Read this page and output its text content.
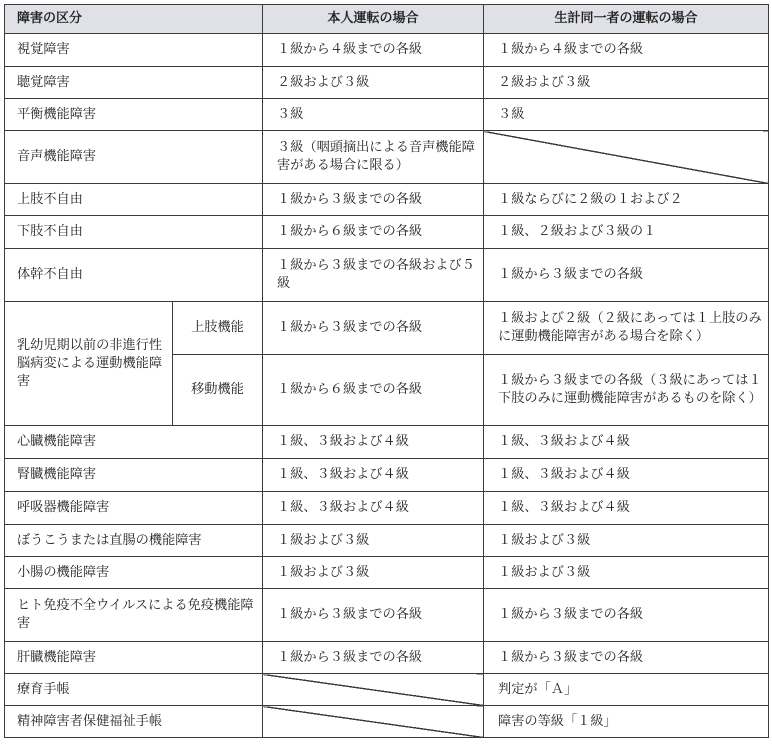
障害の区分		本人運転の場合	生計同一者の運転の場合
視覚障害		１級から４級までの各級	１級から４級までの各級
聴覚障害		２級および３級	２級および３級
平衡機能障害		３級	３級
音声機能障害		３級（咽頭摘出による音声機能障害がある場合に限る）	
上肢不自由		１級から３級までの各級	１級ならびに２級の１および２
下肢不自由		１級から６級までの各級	１級、２級および３級の１
体幹不自由		１級から３級までの各級および５級	１級から３級までの各級
乳幼児期以前の非進行性脳病変による運動機能障害	上肢機能	１級から３級までの各級	１級および２級（２級にあっては１上肢のみに運動機能障害がある場合を除く）
	移動機能	１級から６級までの各級	１級から３級までの各級（３級にあっては１下肢のみに運動機能障害があるものを除く）
心臓機能障害		１級、３級および４級	１級、３級および４級
腎臓機能障害		１級、３級および４級	１級、３級および４級
呼吸器機能障害		１級、３級および４級	１級、３級および４級
ぼうこうまたは直腸の機能障害		１級および３級	１級および３級
小腸の機能障害		１級および３級	１級および３級
ヒト免疫不全ウイルスによる免疫機能障害		１級から３級までの各級	１級から３級までの各級
肝臓機能障害		１級から３級までの各級	１級から３級までの各級
療育手帳			判定が「Ａ」
精神障害者保健福祉手帳			障害の等級「１級」
